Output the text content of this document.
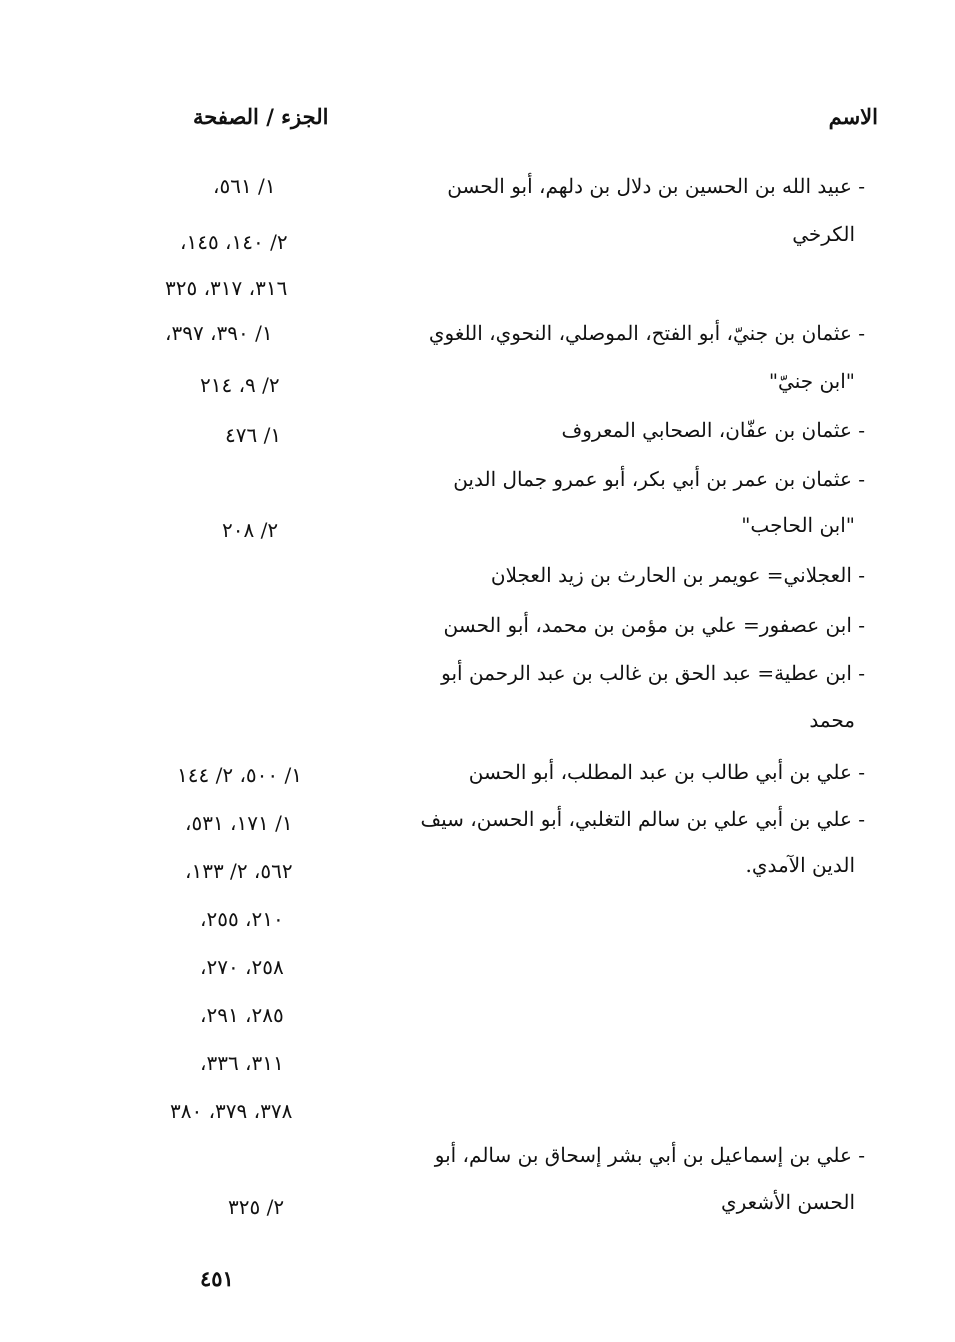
الاسم
الجزء / الصفحة
- عبيد الله بن الحسين بن دلال بن دلهم، أبو الحسن
الكرخي
١/ ٥٦١،
٢/ ١٤٠، ١٤٥،
٣١٦، ٣١٧، ٣٢٥
- عثمان بن جنيّ، أبو الفتح، الموصلي، النحوي، اللغوي
"ابن جنيّ"
١/ ٣٩٠، ٣٩٧،
٢/ ٩، ٢١٤
- عثمان بن عفّان، الصحابي المعروف
١/ ٤٧٦
- عثمان بن عمر بن أبي بكر، أبو عمرو جمال الدين
"ابن الحاجب"
٢/ ٢٠٨
- العجلاني= عويمر بن الحارث بن زيد العجلان
- ابن عصفور= علي بن مؤمن بن محمد، أبو الحسن
- ابن عطية= عبد الحق بن غالب بن عبد الرحمن أبو
محمد
- علي بن أبي طالب بن عبد المطلب، أبو الحسن
١/ ٥٠٠، ٢/ ١٤٤
- علي بن أبي علي بن سالم التغلبي، أبو الحسن، سيف
الدين الآمدي.
١/ ١٧١، ٥٣١،
٥٦٢، ٢/ ١٣٣،
٢١٠، ٢٥٥،
٢٥٨، ٢٧٠،
٢٨٥، ٢٩١،
٣١١، ٣٣٦،
٣٧٨، ٣٧٩، ٣٨٠
- علي بن إسماعيل بن أبي بشر إسحاق بن سالم، أبو
الحسن الأشعري
٢/ ٣٢٥
٤٥١
